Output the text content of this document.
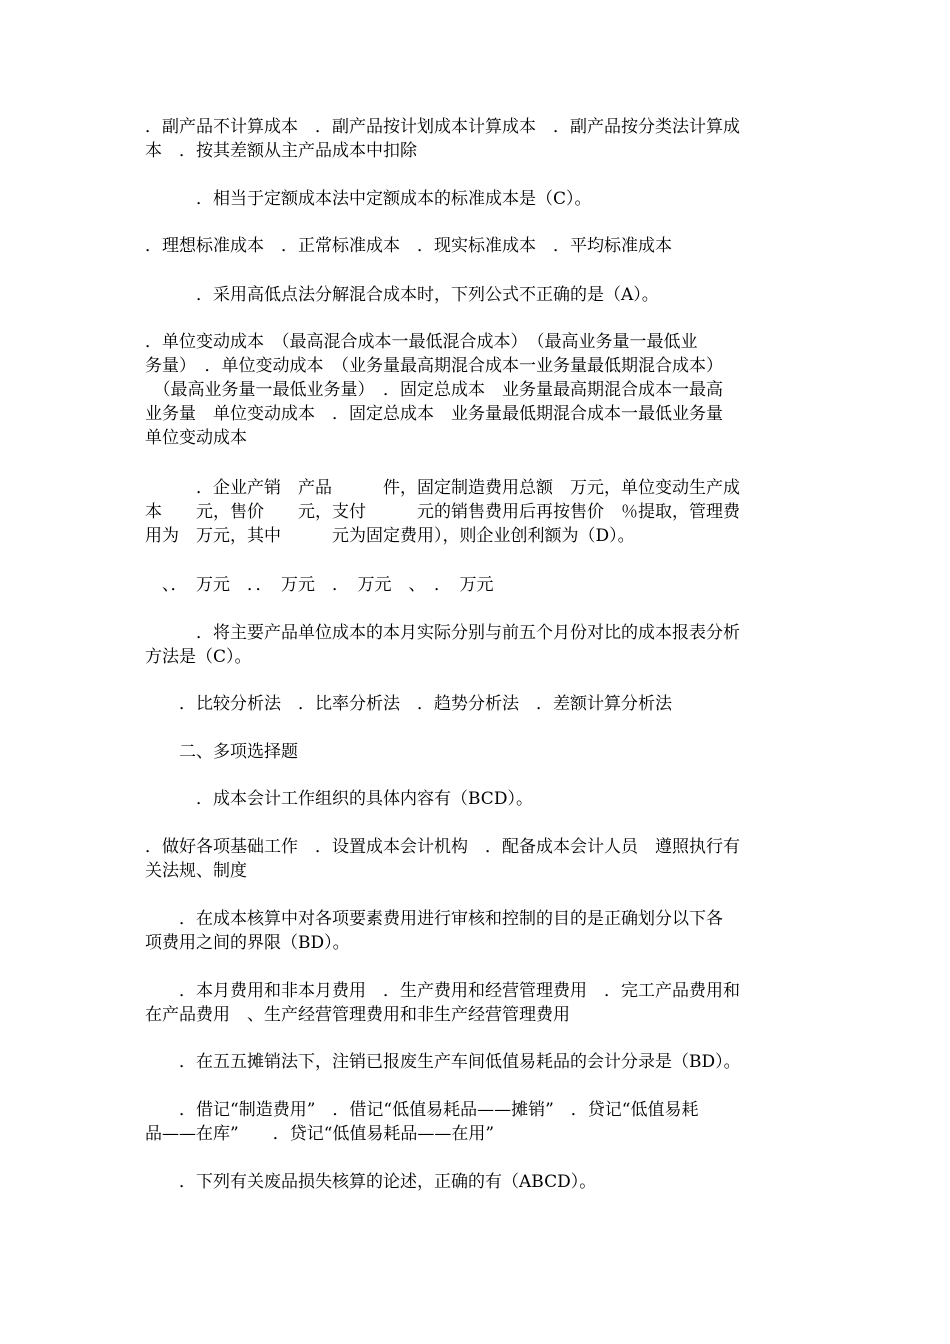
．副产品不计算成本　．副产品按计划成本计算成本　．副产品按分类法计算成
本　．按其差额从主产品成本中扣除
　　　．相当于定额成本法中定额成本的标准成本是（C）。
．理想标准成本　．正常标准成本　．现实标准成本　．平均标准成本
　　　．采用高低点法分解混合成本时，下列公式不正确的是（A）。
．单位变动成本　（最高混合成本一最低混合成本）　（最高业务量一最低业
务量）　．单位变动成本　（业务量最高期混合成本一业务量最低期混合成本）
　（最高业务量一最低业务量）　．固定总成本　业务量最高期混合成本一最高
业务量　单位变动成本　．固定总成本　业务量最低期混合成本一最低业务量
单位变动成本
　　　．企业产销　产品　　　件，固定制造费用总额　万元，单位变动生产成
本　　元，售价　　元，支付　　　元的销售费用后再按售价　％提取，管理费
用为　万元，其中　　　元为固定费用），则企业创利额为（D）。
　、．　万元　．．　万元　．　万元　、　．　万元
　　　．将主要产品单位成本的本月实际分别与前五个月份对比的成本报表分析
方法是（C）。
　　．比较分析法　．比率分析法　．趋势分析法　．差额计算分析法
　　二、多项选择题
　　　．成本会计工作组织的具体内容有（BCD）。
．做好各项基础工作　．设置成本会计机构　．配备成本会计人员　遵照执行有
关法规、制度
　　．在成本核算中对各项要素费用进行审核和控制的目的是正确划分以下各
项费用之间的界限（BD）。
　　．本月费用和非本月费用　．生产费用和经营管理费用　．完工产品费用和
在产品费用　、生产经营管理费用和非生产经营管理费用
　　．在五五摊销法下，注销已报废生产车间低值易耗品的会计分录是（BD）。
　　．借记“制造费用”　．借记“低值易耗品——摊销”　．贷记“低值易耗
品——在库”　　．贷记“低值易耗品——在用”
　　．下列有关废品损失核算的论述，正确的有（ABCD）。
